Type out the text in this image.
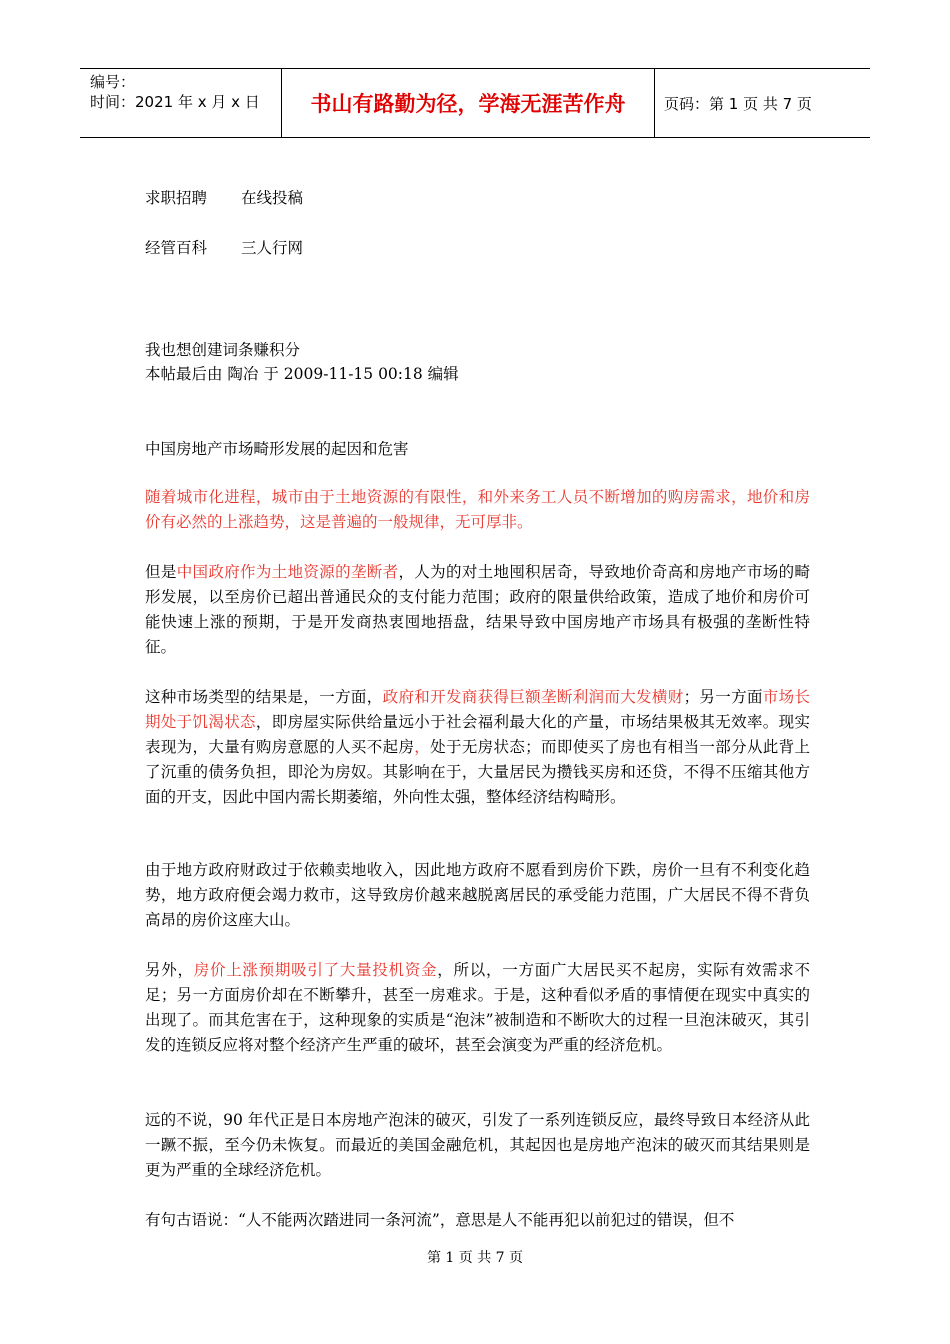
编号：
时间：2021 年 x 月 x 日	书山有路勤为径，学海无涯苦作舟	页码：第 1 页 共 7 页
求职招聘 在线投稿
经管百科 三人行网
我也想创建词条赚积分
本帖最后由 陶冶 于 2009-11-15 00:18 编辑
中国房地产市场畸形发展的起因和危害
随着城市化进程，城市由于土地资源的有限性，和外来务工人员不断增加的购房需求，地价和房价有必然的上涨趋势，这是普遍的一般规律，无可厚非。
但是中国政府作为土地资源的垄断者，人为的对土地囤积居奇，导致地价奇高和房地产市场的畸形发展，以至房价已超出普通民众的支付能力范围；政府的限量供给政策，造成了地价和房价可能快速上涨的预期，于是开发商热衷囤地捂盘，结果导致中国房地产市场具有极强的垄断性特征。
这种市场类型的结果是，一方面，政府和开发商获得巨额垄断利润而大发横财；另一方面市场长期处于饥渴状态，即房屋实际供给量远小于社会福利最大化的产量，市场结果极其无效率。现实表现为，大量有购房意愿的人买不起房，处于无房状态；而即使买了房也有相当一部分从此背上了沉重的债务负担，即沦为房奴。其影响在于，大量居民为攒钱买房和还贷，不得不压缩其他方面的开支，因此中国内需长期萎缩，外向性太强，整体经济结构畸形。
由于地方政府财政过于依赖卖地收入，因此地方政府不愿看到房价下跌，房价一旦有不利变化趋势，地方政府便会竭力救市，这导致房价越来越脱离居民的承受能力范围，广大居民不得不背负高昂的房价这座大山。
另外，房价上涨预期吸引了大量投机资金，所以，一方面广大居民买不起房，实际有效需求不足；另一方面房价却在不断攀升，甚至一房难求。于是，这种看似矛盾的事情便在现实中真实的出现了。而其危害在于，这种现象的实质是“泡沫”被制造和不断吹大的过程一旦泡沫破灭，其引发的连锁反应将对整个经济产生严重的破坏，甚至会演变为严重的经济危机。
远的不说，90 年代正是日本房地产泡沫的破灭，引发了一系列连锁反应，最终导致日本经济从此一蹶不振，至今仍未恢复。而最近的美国金融危机，其起因也是房地产泡沫的破灭而其结果则是更为严重的全球经济危机。
有句古语说：“人不能两次踏进同一条河流”，意思是人不能再犯以前犯过的错误，但不
第 1 页 共 7 页
